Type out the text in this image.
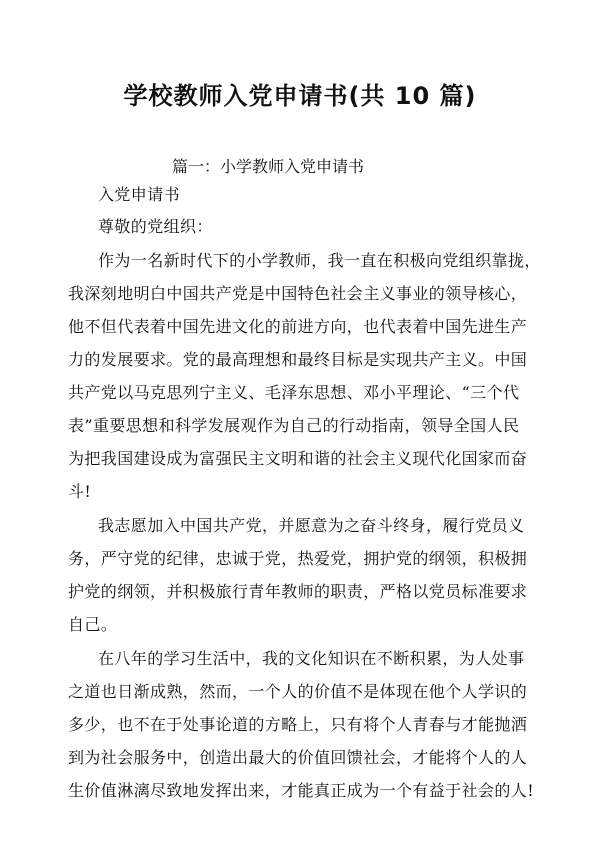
学校教师入党申请书(共 10 篇)

篇一：小学教师入党申请书

入党申请书

尊敬的党组织：

作为一名新时代下的小学教师，我一直在积极向党组织靠拢，

我深刻地明白中国共产党是中国特色社会主义事业的领导核心，

他不但代表着中国先进文化的前进方向，也代表着中国先进生产

力的发展要求。党的最高理想和最终目标是实现共产主义。中国

共产党以马克思列宁主义、毛泽东思想、邓小平理论、“三个代

表”重要思想和科学发展观作为自己的行动指南，领导全国人民

为把我国建设成为富强民主文明和谐的社会主义现代化国家而奋

斗!

我志愿加入中国共产党，并愿意为之奋斗终身，履行党员义

务，严守党的纪律，忠诚于党，热爱党，拥护党的纲领，积极拥

护党的纲领，并积极旅行青年教师的职责，严格以党员标准要求

自己。

在八年的学习生活中，我的文化知识在不断积累，为人处事

之道也日渐成熟，然而，一个人的价值不是体现在他个人学识的

多少，也不在于处事论道的方略上，只有将个人青春与才能抛洒

到为社会服务中，创造出最大的价值回馈社会，才能将个人的人

生价值淋漓尽致地发挥出来，才能真正成为一个有益于社会的人!
